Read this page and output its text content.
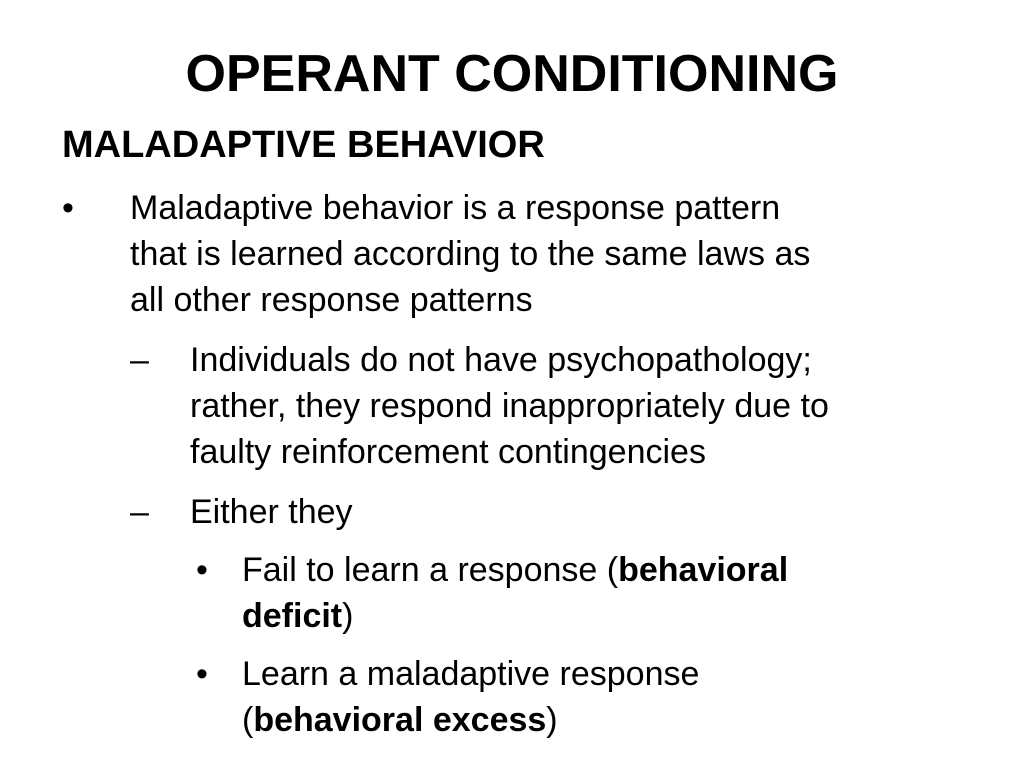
OPERANT CONDITIONING
MALADAPTIVE BEHAVIOR
• Maladaptive behavior is a response pattern
that is learned according to the same laws as
all other response patterns
– Individuals do not have psychopathology;
rather, they respond inappropriately due to
faulty reinforcement contingencies
– Either they
• Fail to learn a response (behavioral
deficit)
• Learn a maladaptive response
(behavioral excess)
